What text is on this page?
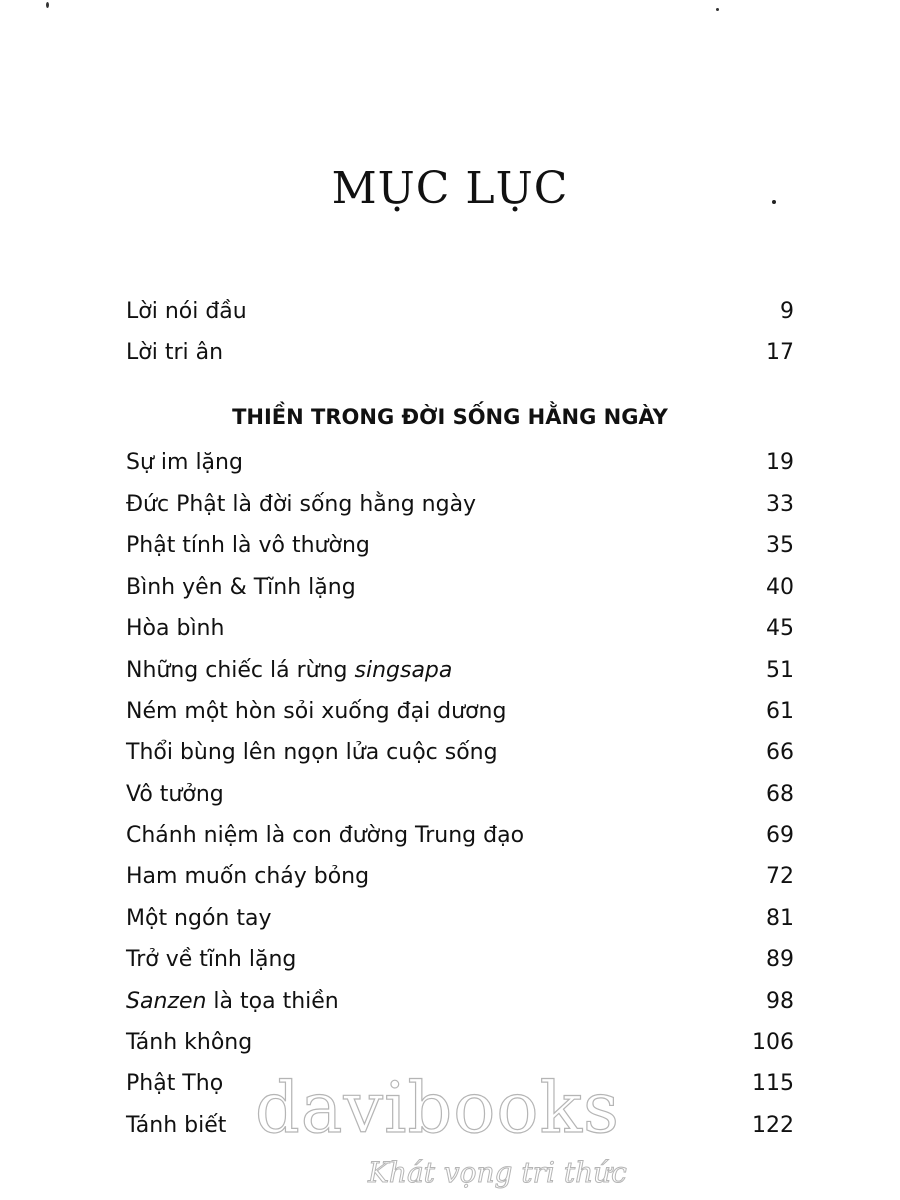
MỤC LỤC
Lời nói đầu	9
Lời tri ân	17
THIỀN TRONG ĐỜI SỐNG HẰNG NGÀY
Sự im lặng	19
Đức Phật là đời sống hằng ngày	33
Phật tính là vô thường	35
Bình yên & Tĩnh lặng	40
Hòa bình	45
Những chiếc lá rừng singsapa	51
Ném một hòn sỏi xuống đại dương	61
Thổi bùng lên ngọn lửa cuộc sống	66
Vô tưởng	68
Chánh niệm là con đường Trung đạo	69
Ham muốn cháy bỏng	72
Một ngón tay	81
Trở về tĩnh lặng	89
Sanzen là tọa thiền	98
Tánh không	106
Phật Thọ	115
Tánh biết	122
davibooks
Khát vọng tri thức
